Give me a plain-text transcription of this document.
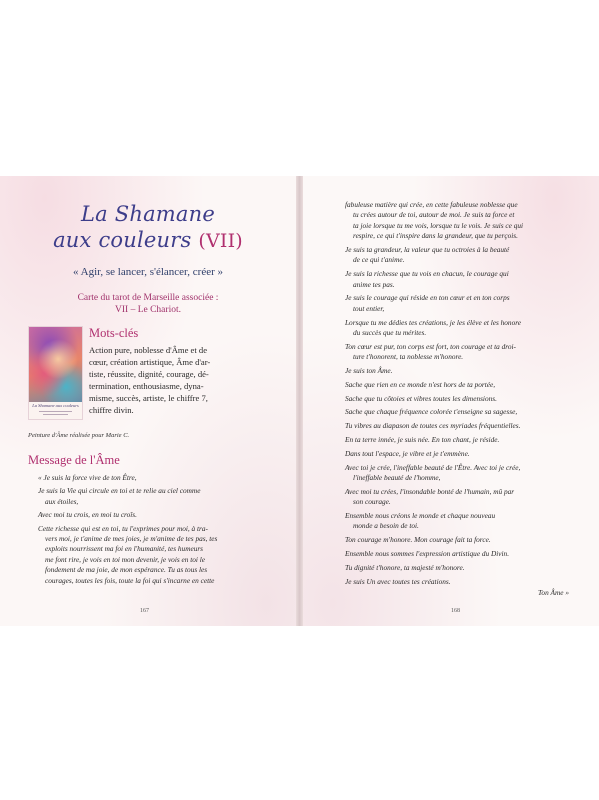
La Shamane
aux couleurs (VII)
« Agir, se lancer, s'élancer, créer »
Carte du tarot de Marseille associée :
VII – Le Chariot.
La Shamane aux couleurs
Mots-clés
Action pure, noblesse d'Âme et de
cœur, création artistique, Âme d'ar-
tiste, réussite, dignité, courage, dé-
termination, enthousiasme, dyna-
misme, succès, artiste, le chiffre 7,
chiffre divin.
Peinture d'Âme réalisée pour Marie C.
Message de l'Âme
« Je suis la force vive de ton Être,
Je suis la Vie qui circule en toi et te relie au ciel comme
aux étoiles,
Avec moi tu crois, en moi tu croîs.
Cette richesse qui est en toi, tu l'exprimes pour moi, à tra-
vers moi, je t'anime de mes joies, je m'anime de tes pas, tes
exploits nourrissent ma foi en l'humanité, tes humeurs
me font rire, je vois en toi mon devenir, je vois en toi le
fondement de ma joie, de mon espérance. Tu as tous les
courages, toutes les fois, toute la foi qui s'incarne en cette
167
fabuleuse matière qui crée, en cette fabuleuse noblesse que
tu crées autour de toi, autour de moi. Je suis ta force et
ta joie lorsque tu me vois, lorsque tu le vois. Je suis ce qui
respire, ce qui t'inspire dans la grandeur, que tu perçois.
Je suis ta grandeur, la valeur que tu octroies à la beauté
de ce qui t'anime.
Je suis la richesse que tu vois en chacun, le courage qui
anime tes pas.
Je suis le courage qui réside en ton cœur et en ton corps
tout entier,
Lorsque tu me dédies tes créations, je les élève et les honore
du succès que tu mérites.
Ton cœur est pur, ton corps est fort, ton courage et ta droi-
ture t'honorent, ta noblesse m'honore.
Je suis ton Âme.
Sache que rien en ce monde n'est hors de ta portée,
Sache que tu côtoies et vibres toutes les dimensions.
Sache que chaque fréquence colorée t'enseigne sa sagesse,
Tu vibres au diapason de toutes ces myriades fréquentielles.
En ta terre innée, je suis née. En ton chant, je réside.
Dans tout l'espace, je vibre et je t'emmène.
Avec toi je crée, l'ineffable beauté de l'Être. Avec toi je crée,
l'ineffable beauté de l'homme,
Avec moi tu crées, l'insondable bonté de l'humain, mû par
son courage.
Ensemble nous créons le monde et chaque nouveau
monde a besoin de toi.
Ton courage m'honore. Mon courage fait ta force.
Ensemble nous sommes l'expression artistique du Divin.
Tu dignité t'honore, ta majesté m'honore.
Je suis Un avec toutes tes créations.
Ton Âme »
168
